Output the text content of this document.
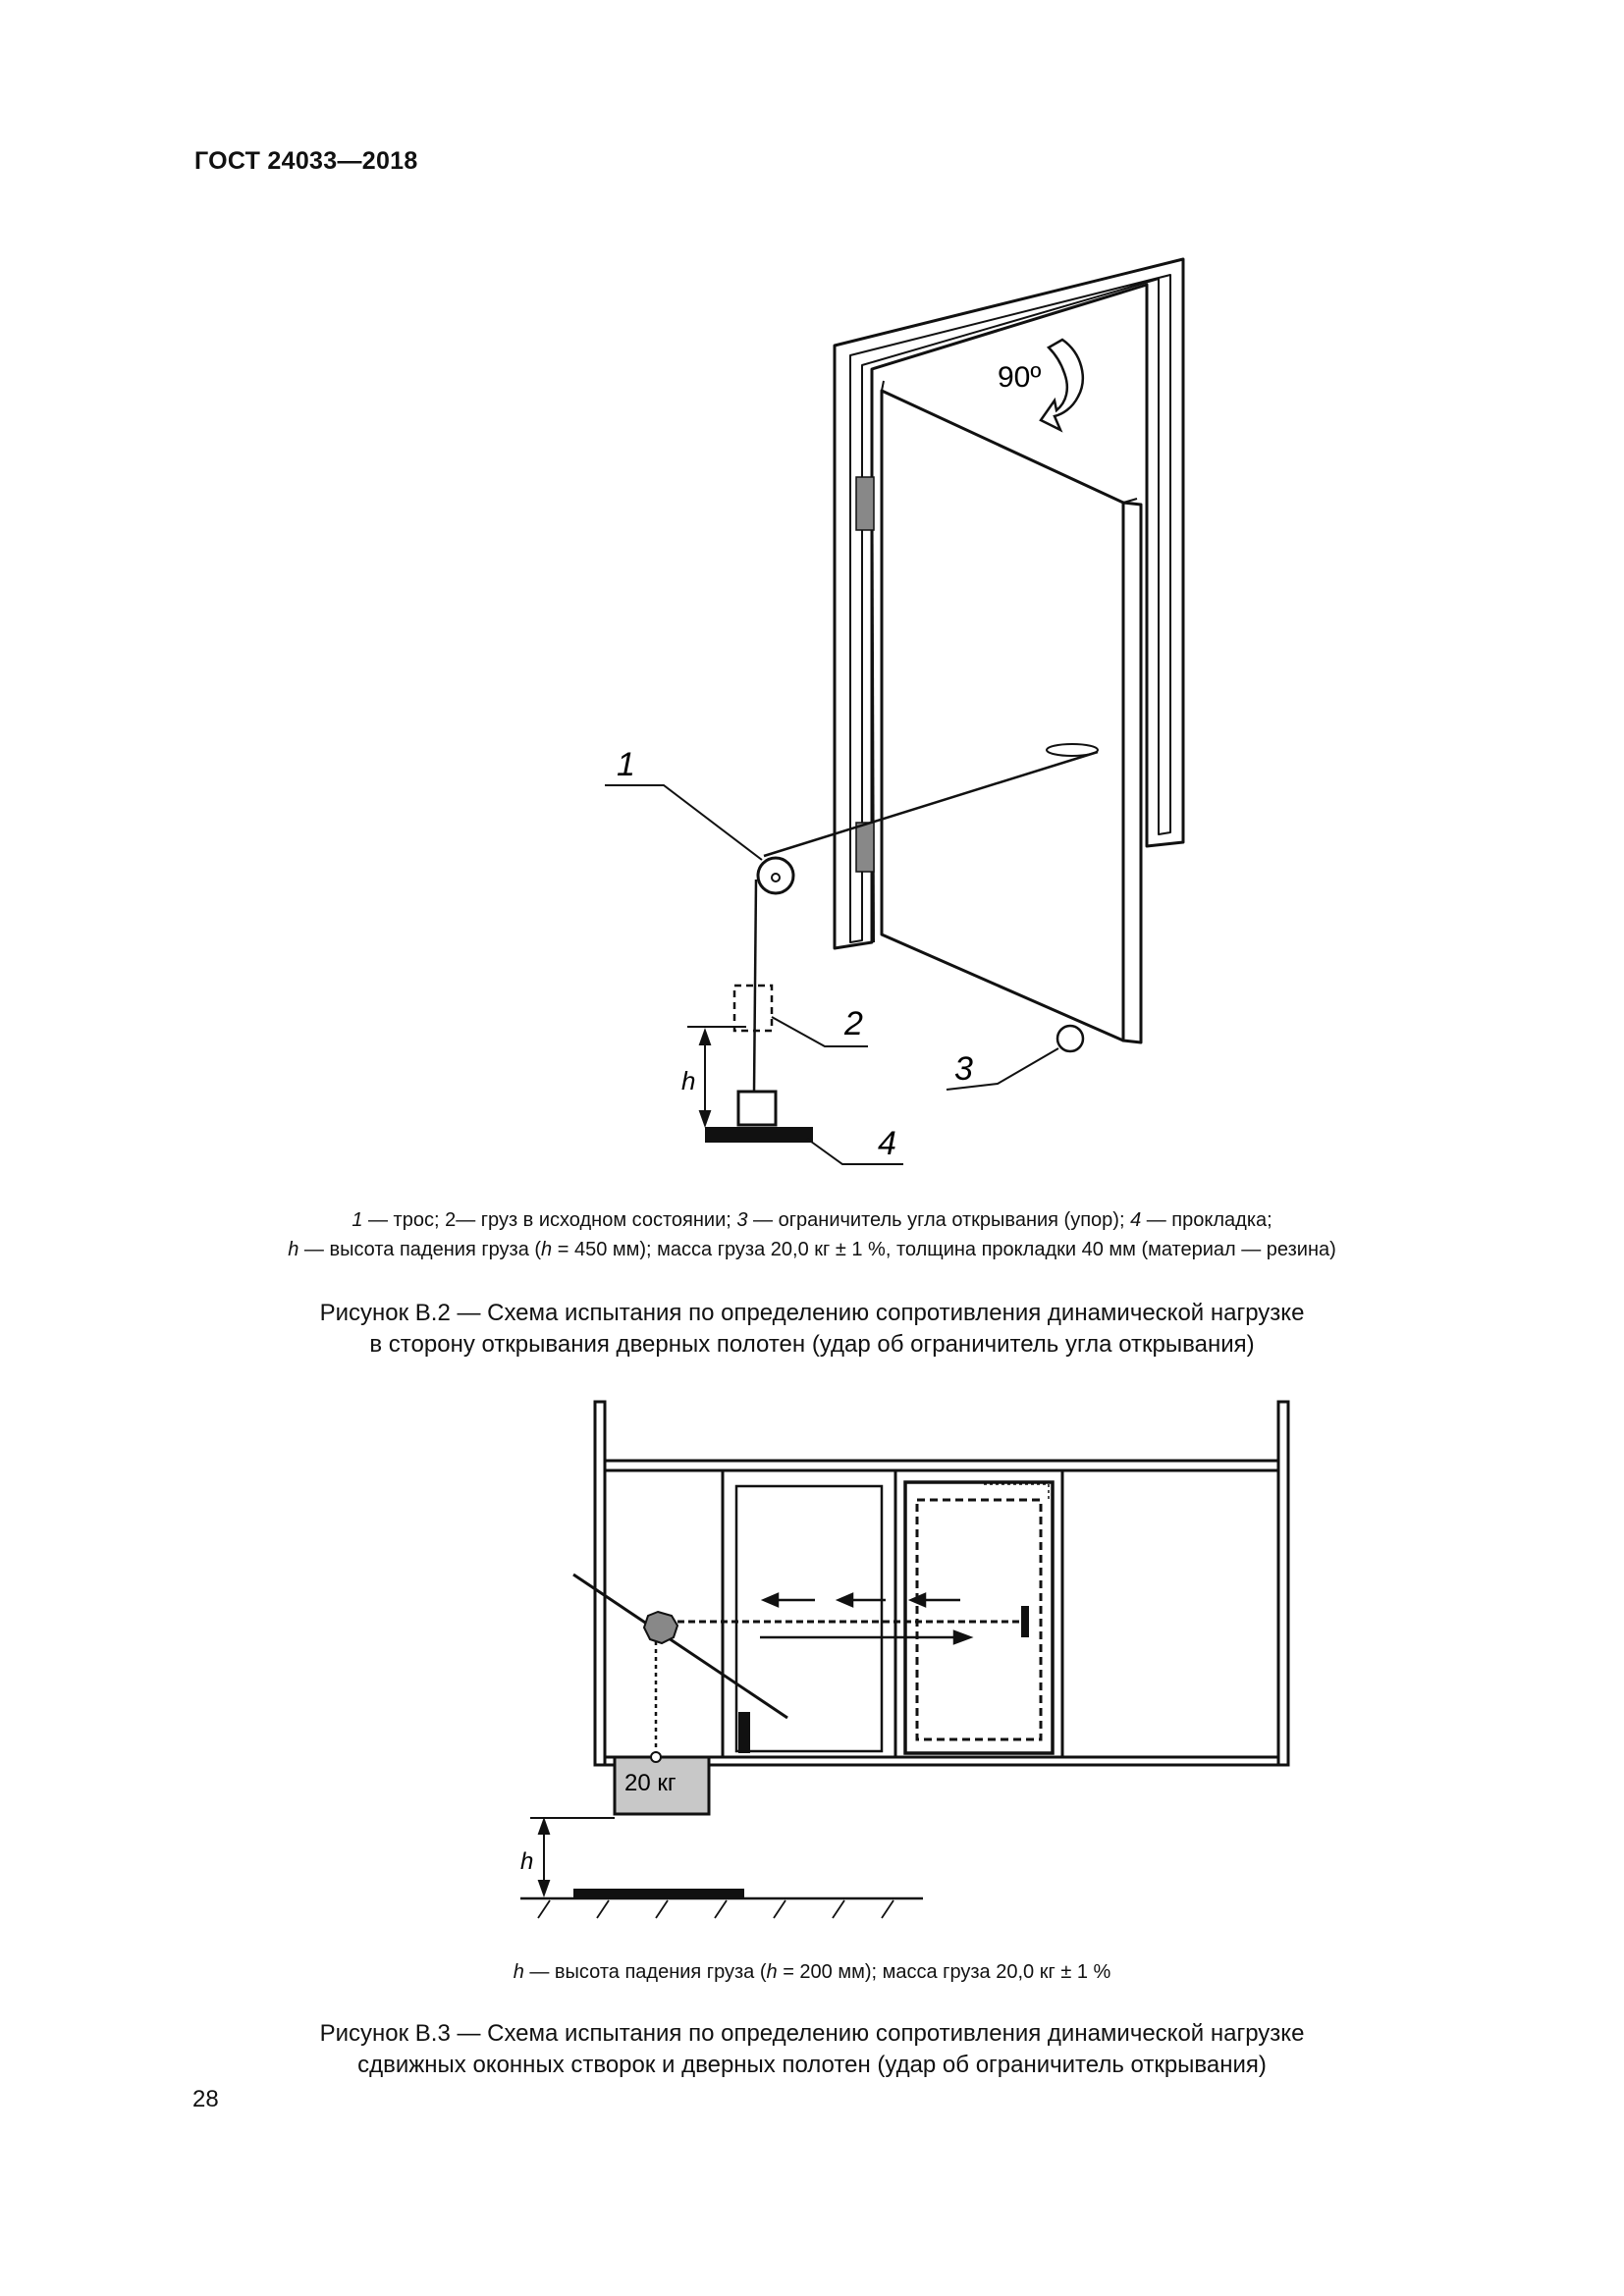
ГОСТ 24033—2018
90º
h
1
2
3
4
1 — трос; 2— груз в исходном состоянии; 3 — ограничитель угла открывания (упор); 4 — прокладка;
h — высота падения груза (h = 450 мм); масса груза 20,0 кг ± 1 %, толщина прокладки 40 мм (материал — резина)
Рисунок В.2 — Схема испытания по определению сопротивления динамической нагрузке
в сторону открывания дверных полотен (удар об ограничитель угла открывания)
20 кг
h
h — высота падения груза (h = 200 мм); масса груза 20,0 кг ± 1 %
Рисунок В.3 — Схема испытания по определению сопротивления динамической нагрузке
сдвижных оконных створок и дверных полотен (удар об ограничитель открывания)
28
